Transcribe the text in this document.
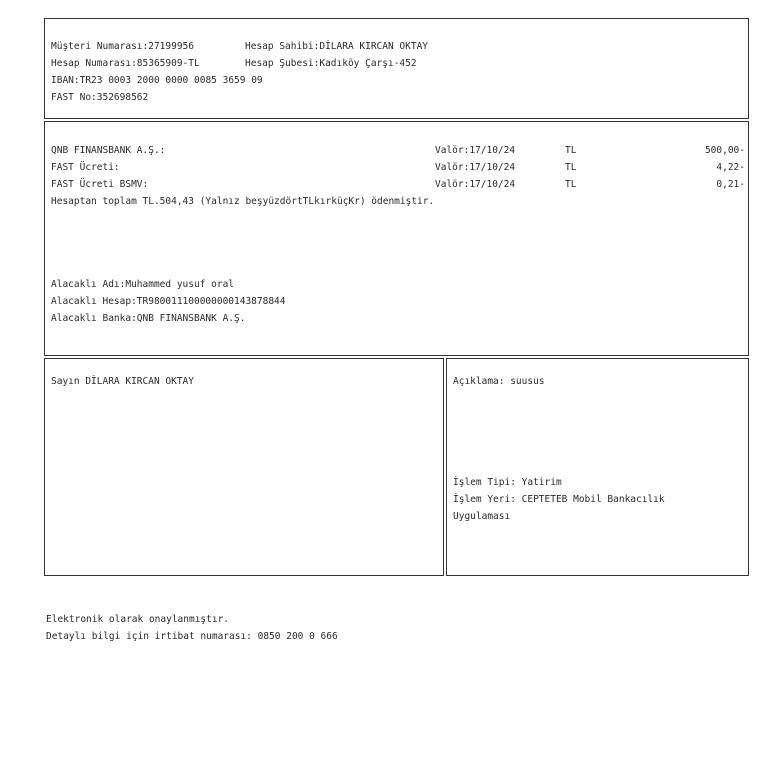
Müşteri Numarası:27199956	Hesap Sahibi:DİLARA KIRCAN OKTAY
Hesap Numarası:85365909-TL	Hesap Şubesi:Kadıköy Çarşı-452
IBAN:TR23 0003 2000 0000 0085 3659 09
FAST No:352698562
QNB FINANSBANK A.Ş.:	Valör:17/10/24	TL	500,00-
FAST Ücreti:	Valör:17/10/24	TL	4,22-
FAST Ücreti BSMV:	Valör:17/10/24	TL	0,21-
Hesaptan toplam TL.504,43 (Yalnız beşyüzdörtTLkırküçKr) ödenmiştir.
Alacaklı Adı:Muhammed yusuf oral
Alacaklı Hesap:TR980011100000000143878844
Alacaklı Banka:QNB FINANSBANK A.Ş.
Sayın DİLARA KIRCAN OKTAY	Açıklama: suusus
İşlem Tipi: Yatirim
İşlem Yeri: CEPTETEB Mobil Bankacılık
Uygulaması
Elektronik olarak onaylanmıştır.
Detaylı bilgi için irtibat numarası: 0850 200 0 666
